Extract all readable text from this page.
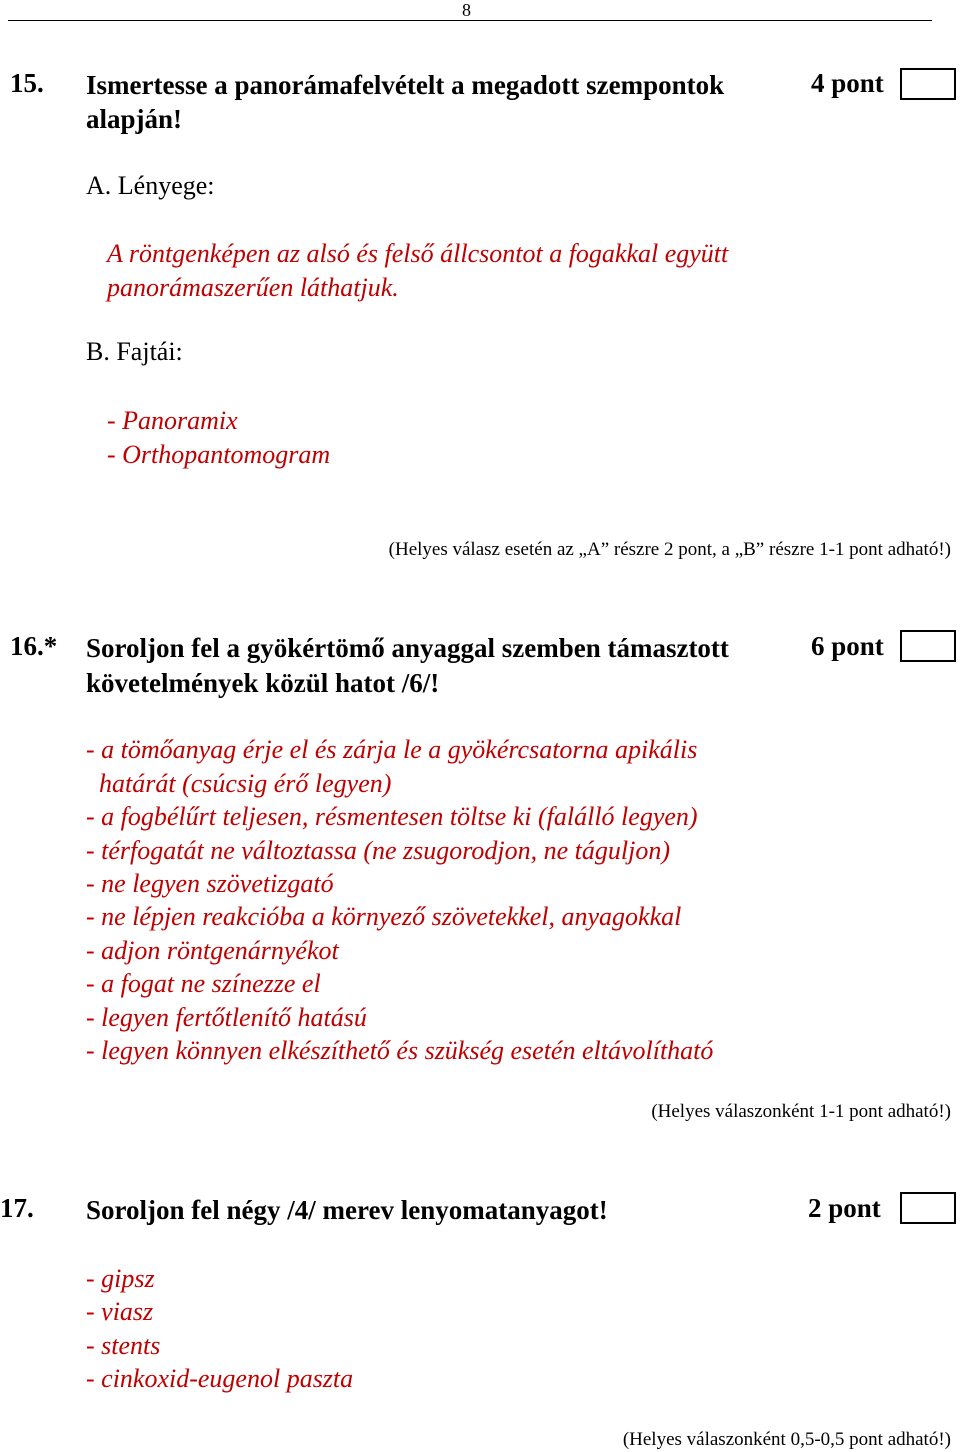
8
15. Ismertesse a panorámafelvételt a megadott szempontok
alapján!
4 pont
A. Lényege:
A röntgenképen az alsó és felső állcsontot a fogakkal együtt
panorámaszerűen láthatjuk.
B. Fajtái:
- Panoramix
- Orthopantomogram
(Helyes válasz esetén az „A” részre 2 pont, a „B” részre 1-1 pont adható!)
16.* Soroljon fel a gyökértömő anyaggal szemben támasztott
követelmények közül hatot /6/!
6 pont
- a tömőanyag érje el és zárja le a gyökércsatorna apikális
határát (csúcsig érő legyen)
- a fogbélűrt teljesen, résmentesen töltse ki (falálló legyen)
- térfogatát ne változtassa (ne zsugorodjon, ne táguljon)
- ne legyen szövetizgató
- ne lépjen reakcióba a környező szövetekkel, anyagokkal
- adjon röntgenárnyékot
- a fogat ne színezze el
- legyen fertőtlenítő hatású
- legyen könnyen elkészíthető és szükség esetén eltávolítható
(Helyes válaszonként 1-1 pont adható!)
17. Soroljon fel négy /4/ merev lenyomatanyagot!	2 pont
- gipsz
- viasz
- stents
- cinkoxid-eugenol paszta
(Helyes válaszonként 0,5-0,5 pont adható!)
